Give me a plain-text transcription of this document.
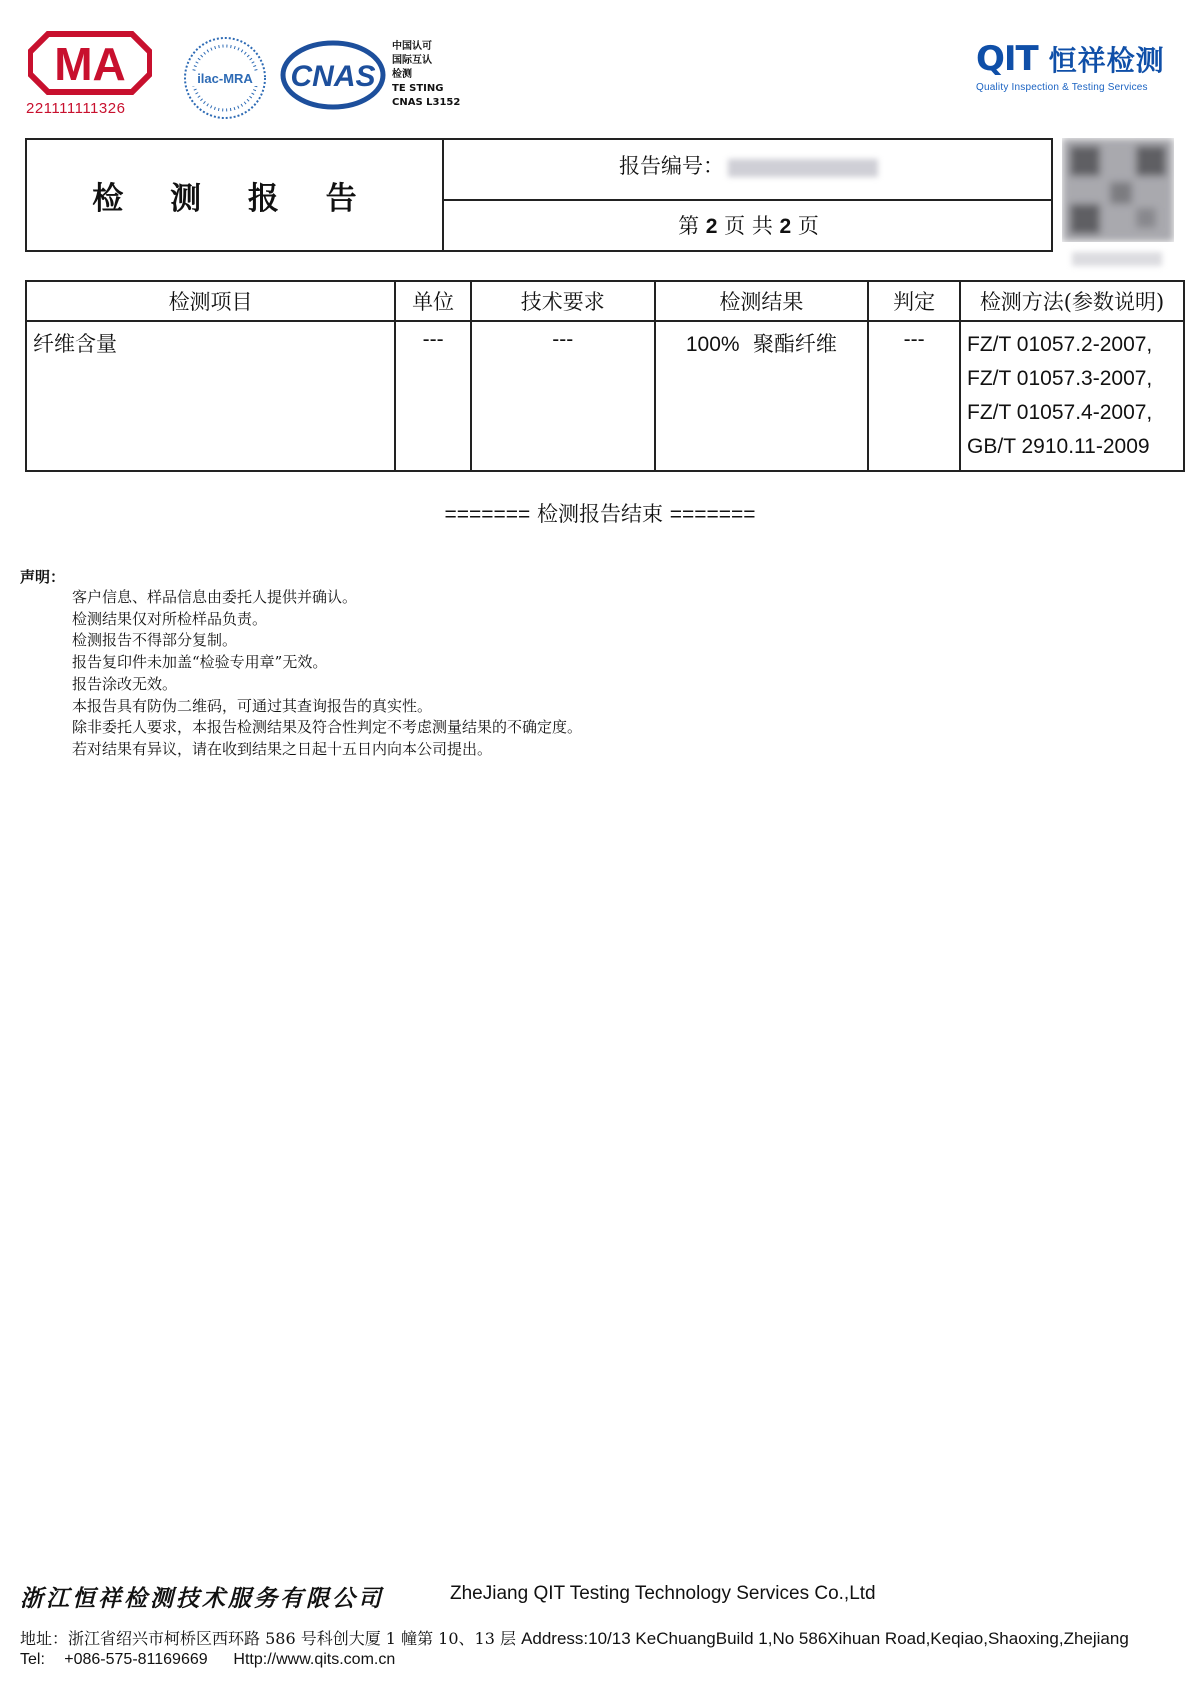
MA
221111111326
ilac-MRA CNAS
中国认可
国际互认
检测
TE STING
CNAS L3152
QIT 恒祥检测
Quality Inspection & Testing Services
检 测 报 告
报告编号：
第 2 页 共 2 页
检测项目	单位	技术要求	检测结果	判定	检测方法(参数说明)
纤维含量	---	---	100% 聚酯纤维	---	FZ/T 01057.2-2007,
FZ/T 01057.3-2007,
FZ/T 01057.4-2007,
GB/T 2910.11-2009
======= 检测报告结束 =======
声明：
客户信息、样品信息由委托人提供并确认。
检测结果仅对所检样品负责。
检测报告不得部分复制。
报告复印件未加盖“检验专用章”无效。
报告涂改无效。
本报告具有防伪二维码，可通过其查询报告的真实性。
除非委托人要求，本报告检测结果及符合性判定不考虑测量结果的不确定度。
若对结果有异议，请在收到结果之日起十五日内向本公司提出。
浙江恒祥检测技术服务有限公司	ZheJiang QIT Testing Technology Services Co.,Ltd
地址：浙江省绍兴市柯桥区西环路 586 号科创大厦 1 幢第 10、13 层 Address:10/13 KeChuangBuild 1,No 586Xihuan Road,Keqiao,Shaoxing,Zhejiang
Tel: +086-575-81169669 Http://www.qits.com.cn
